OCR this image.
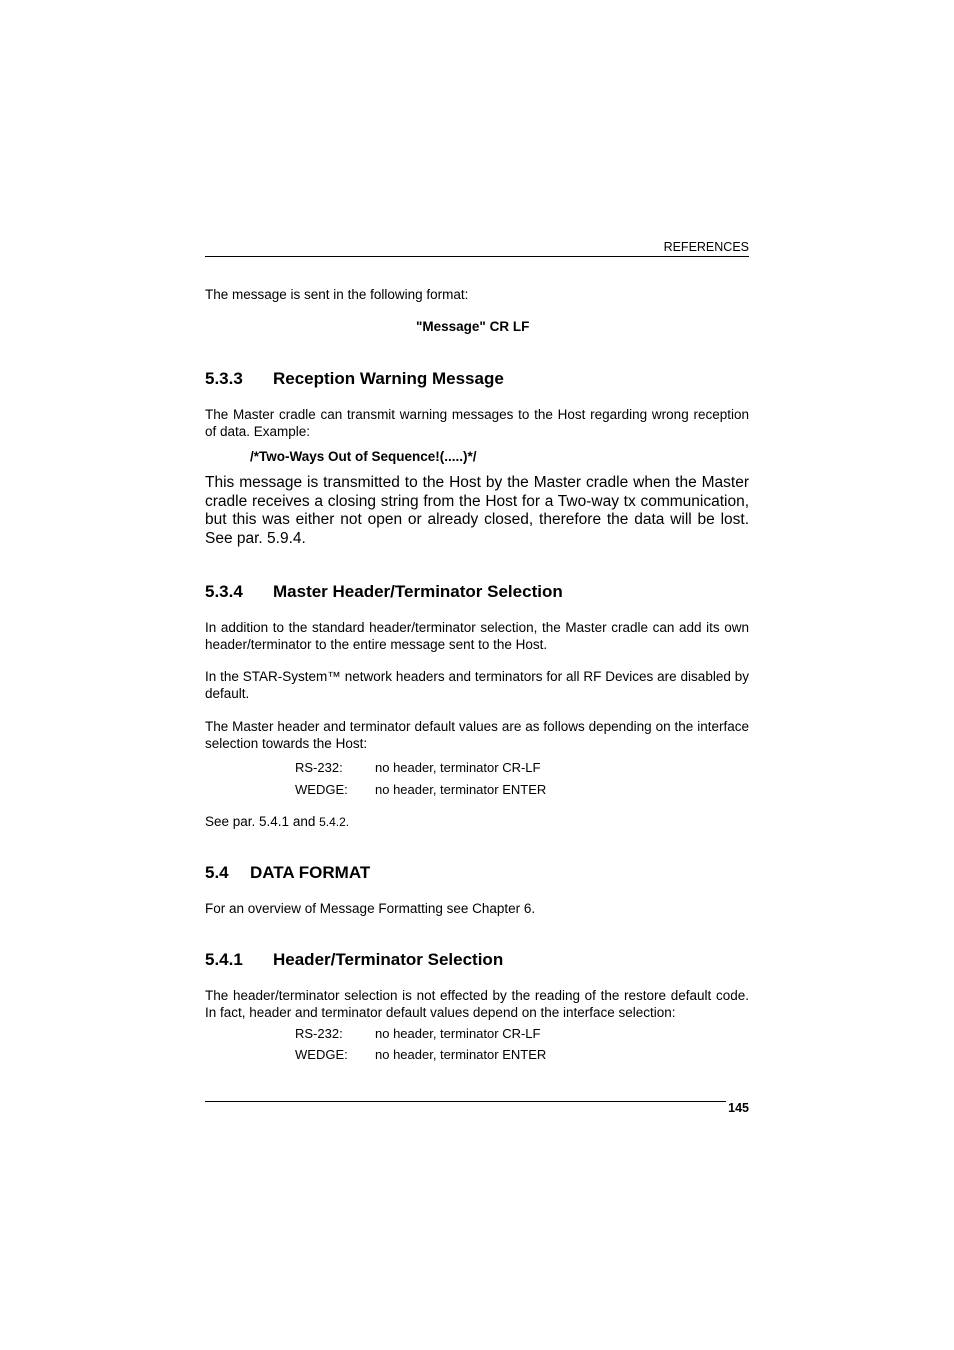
REFERENCES
The message is sent in the following format:
"Message" CR LF
5.3.3 Reception Warning Message
The Master cradle can transmit warning messages to the Host regarding wrong reception of data. Example:
/*Two-Ways Out of Sequence!(.....)*/
This message is transmitted to the Host by the Master cradle when the Master cradle receives a closing string from the Host for a Two-way tx communication, but this was either not open or already closed, therefore the data will be lost. See par. 5.9.4.
5.3.4 Master Header/Terminator Selection
In addition to the standard header/terminator selection, the Master cradle can add its own header/terminator to the entire message sent to the Host.
In the STAR-System™ network headers and terminators for all RF Devices are disabled by default.
The Master header and terminator default values are as follows depending on the interface selection towards the Host:
RS-232: no header, terminator CR-LF
WEDGE: no header, terminator ENTER
See par. 5.4.1 and 5.4.2.
5.4 DATA FORMAT
For an overview of Message Formatting see Chapter 6.
5.4.1 Header/Terminator Selection
The header/terminator selection is not effected by the reading of the restore default code. In fact, header and terminator default values depend on the interface selection:
RS-232: no header, terminator CR-LF
WEDGE: no header, terminator ENTER
145
